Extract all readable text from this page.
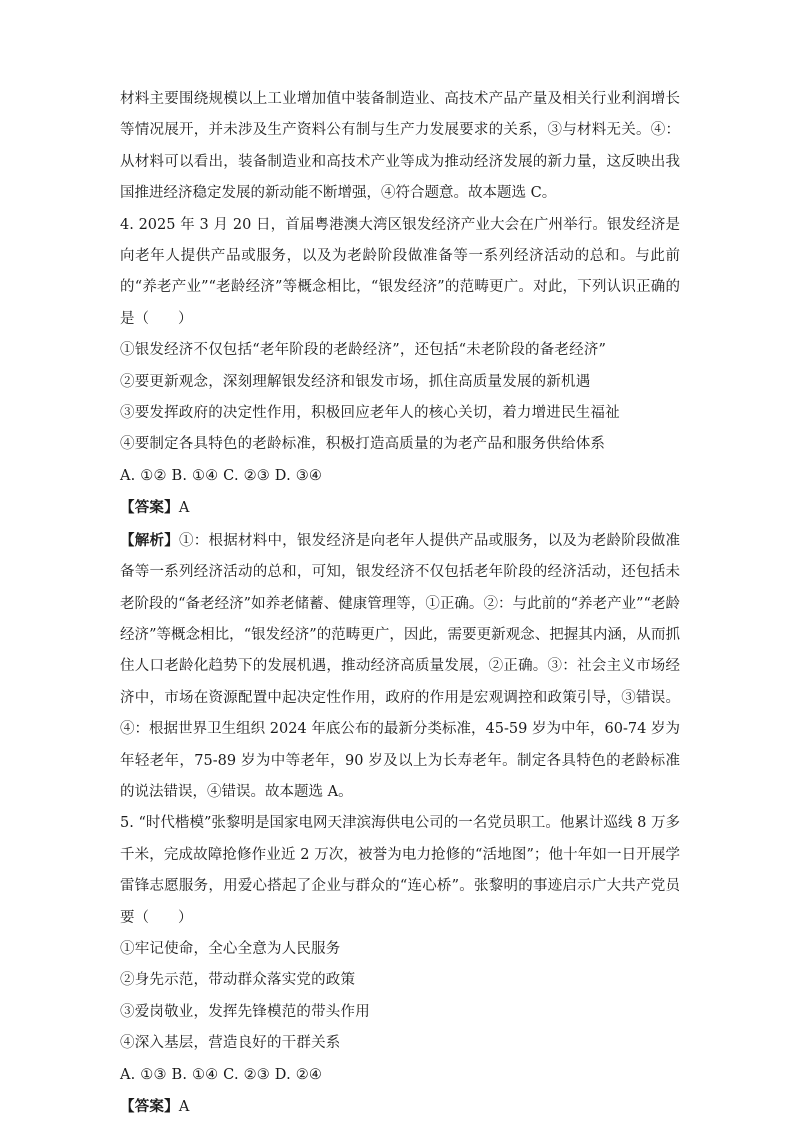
材料主要围绕规模以上工业增加值中装备制造业、高技术产品产量及相关行业利润增长等情况展开，并未涉及生产资料公有制与生产力发展要求的关系，③与材料无关。④：从材料可以看出，装备制造业和高技术产业等成为推动经济发展的新力量，这反映出我国推进经济稳定发展的新动能不断增强，④符合题意。故本题选 C。

4. 2025 年 3 月 20 日，首届粤港澳大湾区银发经济产业大会在广州举行。银发经济是向老年人提供产品或服务，以及为老龄阶段做准备等一系列经济活动的总和。与此前的“养老产业”“老龄经济”等概念相比，“银发经济”的范畴更广。对此，下列认识正确的是（　　）

①银发经济不仅包括“老年阶段的老龄经济”，还包括“未老阶段的备老经济”

②要更新观念，深刻理解银发经济和银发市场，抓住高质量发展的新机遇

③要发挥政府的决定性作用，积极回应老年人的核心关切，着力增进民生福祉

④要制定各具特色的老龄标准，积极打造高质量的为老产品和服务供给体系

A. ①② B. ①④ C. ②③ D. ③④

【答案】A

【解析】①：根据材料中，银发经济是向老年人提供产品或服务，以及为老龄阶段做准备等一系列经济活动的总和，可知，银发经济不仅包括老年阶段的经济活动，还包括未老阶段的“备老经济”如养老储蓄、健康管理等，①正确。②：与此前的“养老产业”“老龄经济”等概念相比，“银发经济”的范畴更广，因此，需要更新观念、把握其内涵，从而抓住人口老龄化趋势下的发展机遇，推动经济高质量发展，②正确。③：社会主义市场经济中，市场在资源配置中起决定性作用，政府的作用是宏观调控和政策引导，③错误。④：根据世界卫生组织 2024 年底公布的最新分类标准，45-59 岁为中年，60-74 岁为年轻老年，75-89 岁为中等老年，90 岁及以上为长寿老年。制定各具特色的老龄标准的说法错误，④错误。故本题选 A。

5. “时代楷模”张黎明是国家电网天津滨海供电公司的一名党员职工。他累计巡线 8 万多千米，完成故障抢修作业近 2 万次，被誉为电力抢修的“活地图”；他十年如一日开展学雷锋志愿服务，用爱心搭起了企业与群众的“连心桥”。张黎明的事迹启示广大共产党员要（　　）

①牢记使命，全心全意为人民服务

②身先示范，带动群众落实党的政策

③爱岗敬业，发挥先锋模范的带头作用

④深入基层，营造良好的干群关系

A. ①③ B. ①④ C. ②③ D. ②④

【答案】A
